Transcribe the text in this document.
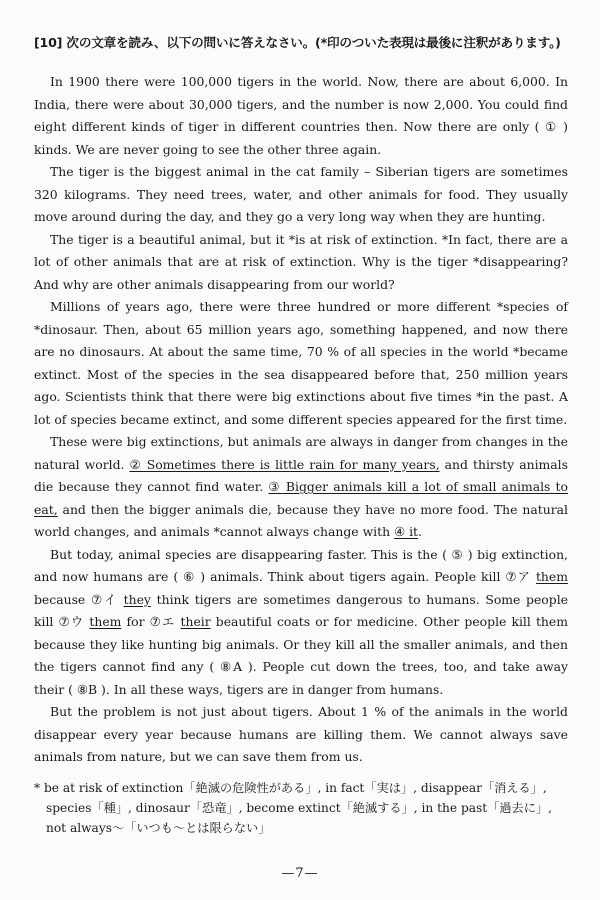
[10] 次の文章を読み、以下の問いに答えなさい。(*印のついた表現は最後に注釈があります。)

In 1900 there were 100,000 tigers in the world. Now, there are about 6,000. In India, there were about 30,000 tigers, and the number is now 2,000. You could find eight different kinds of tiger in different countries then. Now there are only ( ① ) kinds. We are never going to see the other three again.

The tiger is the biggest animal in the cat family – Siberian tigers are sometimes 320 kilograms. They need trees, water, and other animals for food. They usually move around during the day, and they go a very long way when they are hunting.

The tiger is a beautiful animal, but it *is at risk of extinction. *In fact, there are a lot of other animals that are at risk of extinction. Why is the tiger *disappearing? And why are other animals disappearing from our world?

Millions of years ago, there were three hundred or more different *species of *dinosaur. Then, about 65 million years ago, something happened, and now there are no dinosaurs. At about the same time, 70 % of all species in the world *became extinct. Most of the species in the sea disappeared before that, 250 million years ago. Scientists think that there were big extinctions about five times *in the past. A lot of species became extinct, and some different species appeared for the first time.

These were big extinctions, but animals are always in danger from changes in the natural world. ② Sometimes there is little rain for many years, and thirsty animals die because they cannot find water. ③ Bigger animals kill a lot of small animals to eat, and then the bigger animals die, because they have no more food. The natural world changes, and animals *cannot always change with ④ it.

But today, animal species are disappearing faster. This is the ( ⑤ ) big extinction, and now humans are ( ⑥ ) animals. Think about tigers again. People kill ⑦ア them because ⑦イ they think tigers are sometimes dangerous to humans. Some people kill ⑦ウ them for ⑦エ their beautiful coats or for medicine. Other people kill them because they like hunting big animals. Or they kill all the smaller animals, and then the tigers cannot find any ( ⑧A ). People cut down the trees, too, and take away their ( ⑧B ). In all these ways, tigers are in danger from humans.

But the problem is not just about tigers. About 1 % of the animals in the world disappear every year because humans are killing them. We cannot always save animals from nature, but we can save them from us.

* be at risk of extinction「絶滅の危険性がある」, in fact「実は」, disappear「消える」,
species「種」, dinosaur「恐竜」, become extinct「絶滅する」, in the past「過去に」,
not always〜「いつも〜とは限らない」
—7—
